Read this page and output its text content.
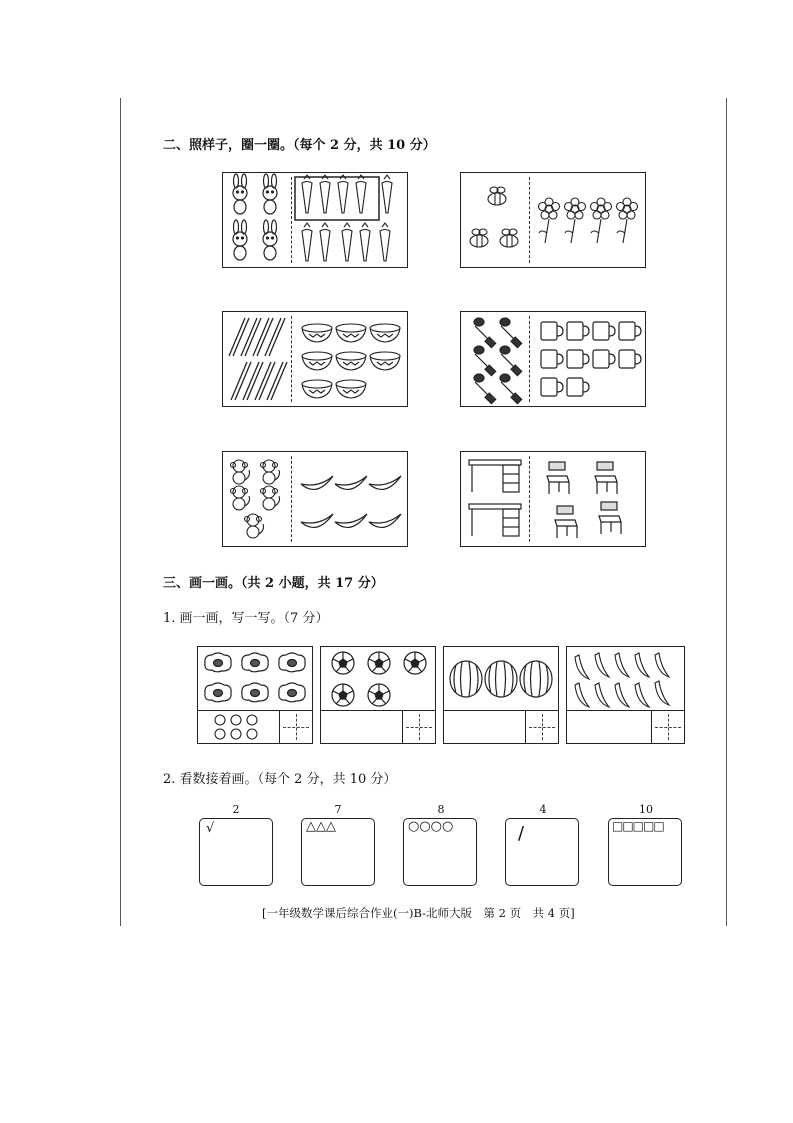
二、照样子，圈一圈。（每个 2 分，共 10 分）
三、画一画。（共 2 小题，共 17 分）
1. 画一画，写一写。（7 分）
2. 看数接着画。（每个 2 分，共 10 分）
2
√
7
△△△
8
○○○○
4
/
10
□□□□□
[一年级数学课后综合作业(一)B-北师大版　第 2 页　共 4 页]
